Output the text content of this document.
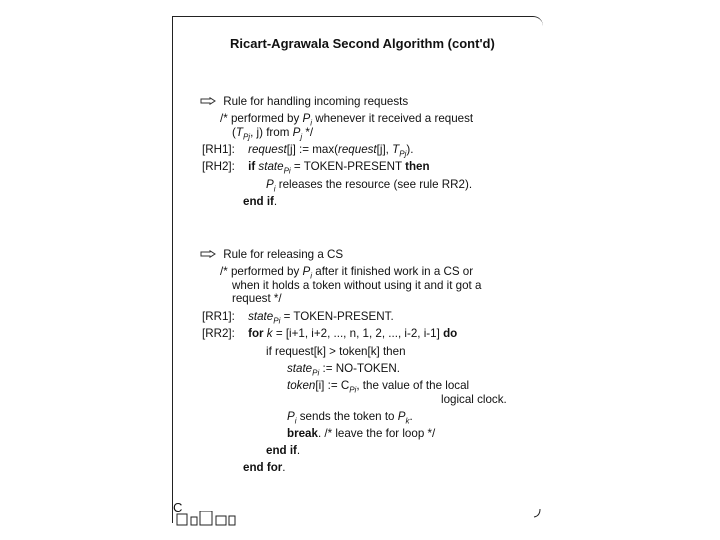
Ricart-Agrawala Second Algorithm (cont'd)
Rule for handling incoming requests
/* performed by $P_i$ whenever it received a request
($T_{Pj}$, j) from $P_j$ */
[RH1]: request[j] := max(request[j], $T_{Pj}$).
[RH2]: if state$_{Pi}$ = TOKEN-PRESENT then
$P_i$ releases the resource (see rule RR2).
end if.
Rule for releasing a CS
/* performed by $P_i$ after it finished work in a CS or
when it holds a token without using it and it got a
request */
[RR1]: state$_{Pi}$ = TOKEN-PRESENT.
[RR2]: for k = [i+1, i+2, ..., n, 1, 2, ..., i-2, i-1] do
if request[k] > token[k] then
state$_{Pi}$ := NO-TOKEN.
token[i] := $C_{Pi}$, the value of the local
logical clock.
$P_i$ sends the token to $P_k$.
break. /* leave the for loop */
end if.
end for.
C
